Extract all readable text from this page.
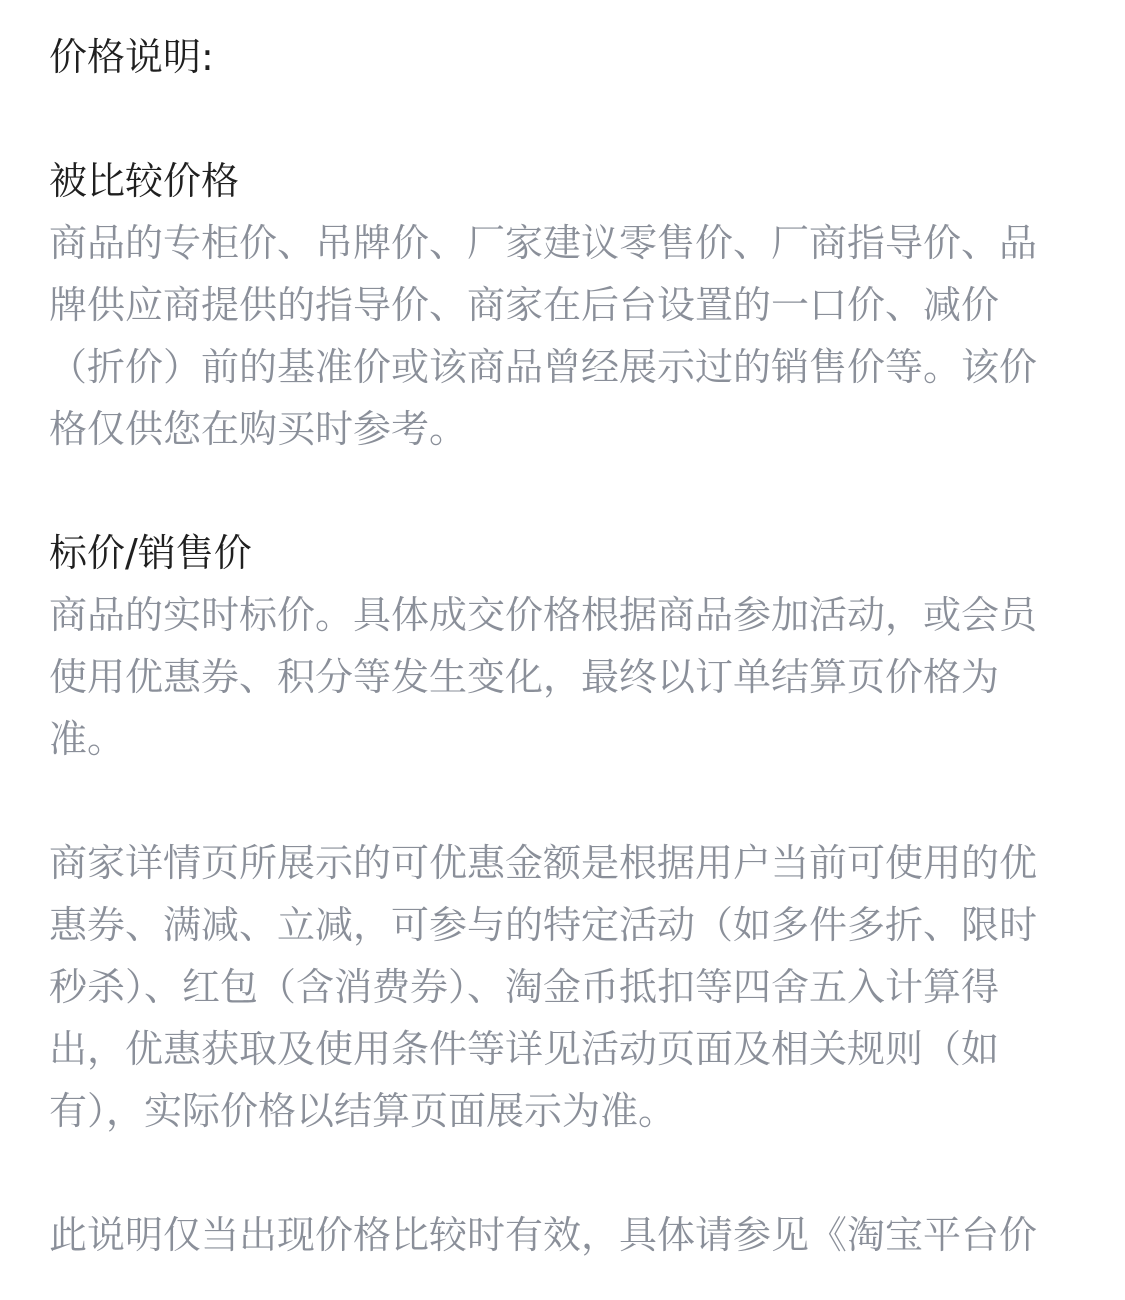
价格说明:
被比较价格

商品的专柜价、吊牌价、厂家建议零售价、厂商指导价、品牌供应商提供的指导价、商家在后台设置的一口价、减价（折价）前的基准价或该商品曾经展示过的销售价等。该价格仅供您在购买时参考。

标价/销售价

商品的实时标价。具体成交价格根据商品参加活动，或会员使用优惠券、积分等发生变化，最终以订单结算页价格为准。

商家详情页所展示的可优惠金额是根据用户当前可使用的优惠券、满减、立减，可参与的特定活动（如多件多折、限时秒杀）、红包（含消费券）、淘金币抵扣等四舍五入计算得出，优惠获取及使用条件等详见活动页面及相关规则（如有），实际价格以结算页面展示为准。

此说明仅当出现价格比较时有效，具体请参见《淘宝平台价
